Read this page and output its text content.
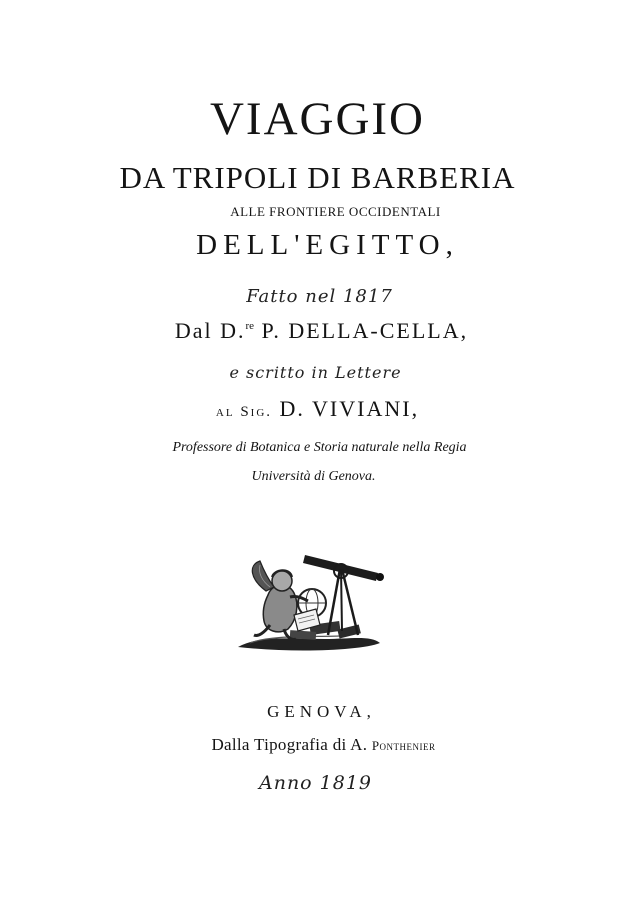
VIAGGIO
DA TRIPOLI DI BARBERIA
ALLE FRONTIERE OCCIDENTALI
DELL'EGITTO,
Fatto nel 1817
Dal D.$^{re}$ P. DELLA-CELLA,
e scritto in Lettere
al Sig. D. VIVIANI,
Professore di Botanica e Storia naturale nella Regia
Università di Genova.
GENOVA,
Dalla Tipografia di A. Ponthenier
Anno 1819
